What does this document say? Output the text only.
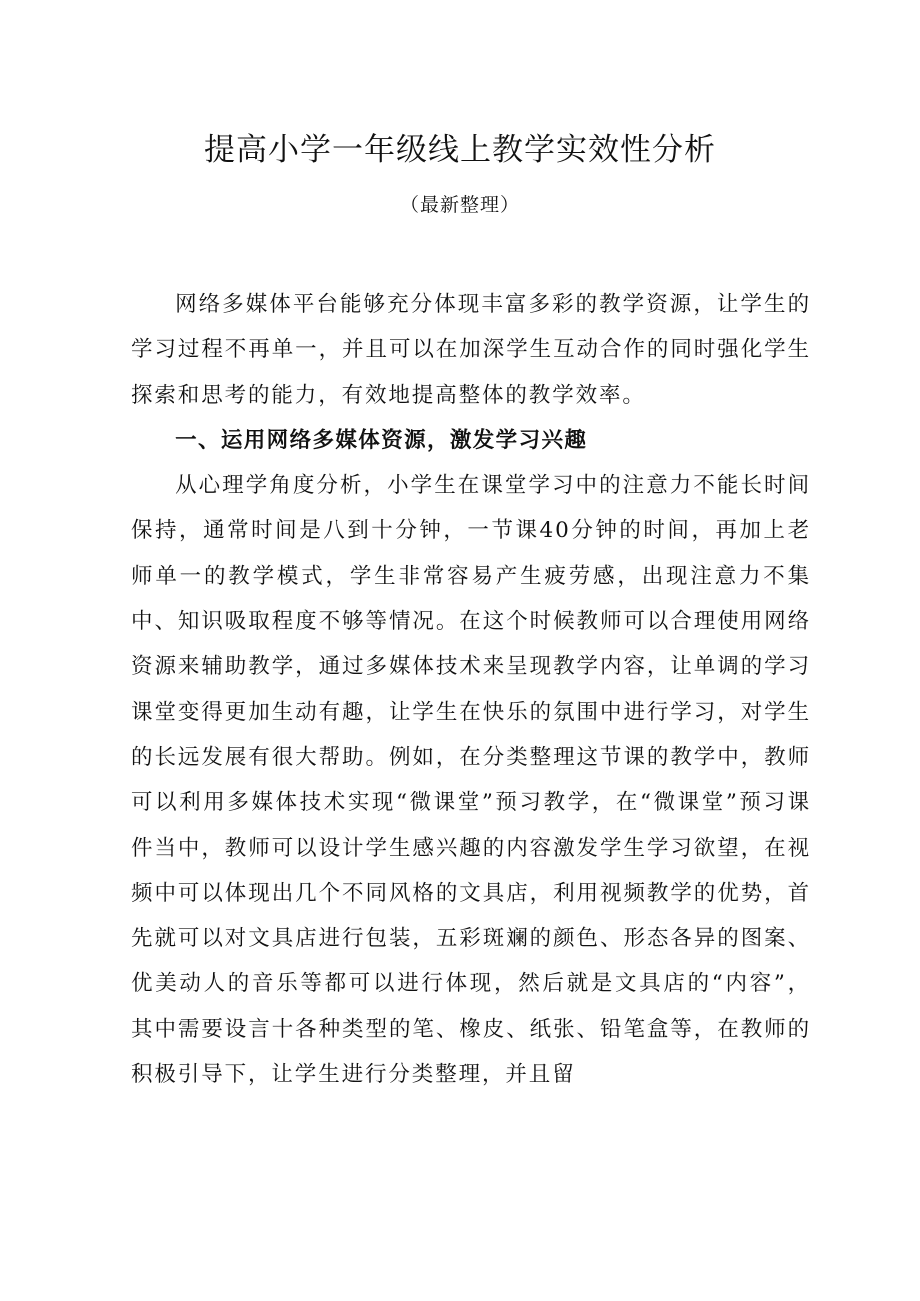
提高小学一年级线上教学实效性分析
（最新整理）

网络多媒体平台能够充分体现丰富多彩的教学资源，让学生的学习过程不再单一，并且可以在加深学生互动合作的同时强化学生探索和思考的能力，有效地提高整体的教学效率。

一、运用网络多媒体资源，激发学习兴趣

从心理学角度分析，小学生在课堂学习中的注意力不能长时间保持，通常时间是八到十分钟，一节课40分钟的时间，再加上老师单一的教学模式，学生非常容易产生疲劳感，出现注意力不集中、知识吸取程度不够等情况。在这个时候教师可以合理使用网络资源来辅助教学，通过多媒体技术来呈现教学内容，让单调的学习课堂变得更加生动有趣，让学生在快乐的氛围中进行学习，对学生的长远发展有很大帮助。例如，在分类整理这节课的教学中，教师可以利用多媒体技术实现“微课堂”预习教学，在“微课堂”预习课件当中，教师可以设计学生感兴趣的内容激发学生学习欲望，在视频中可以体现出几个不同风格的文具店，利用视频教学的优势，首先就可以对文具店进行包装，五彩斑斓的颜色、形态各异的图案、优美动人的音乐等都可以进行体现，然后就是文具店的“内容”，其中需要设言十各种类型的笔、橡皮、纸张、铅笔盒等，在教师的积极引导下，让学生进行分类整理，并且留
